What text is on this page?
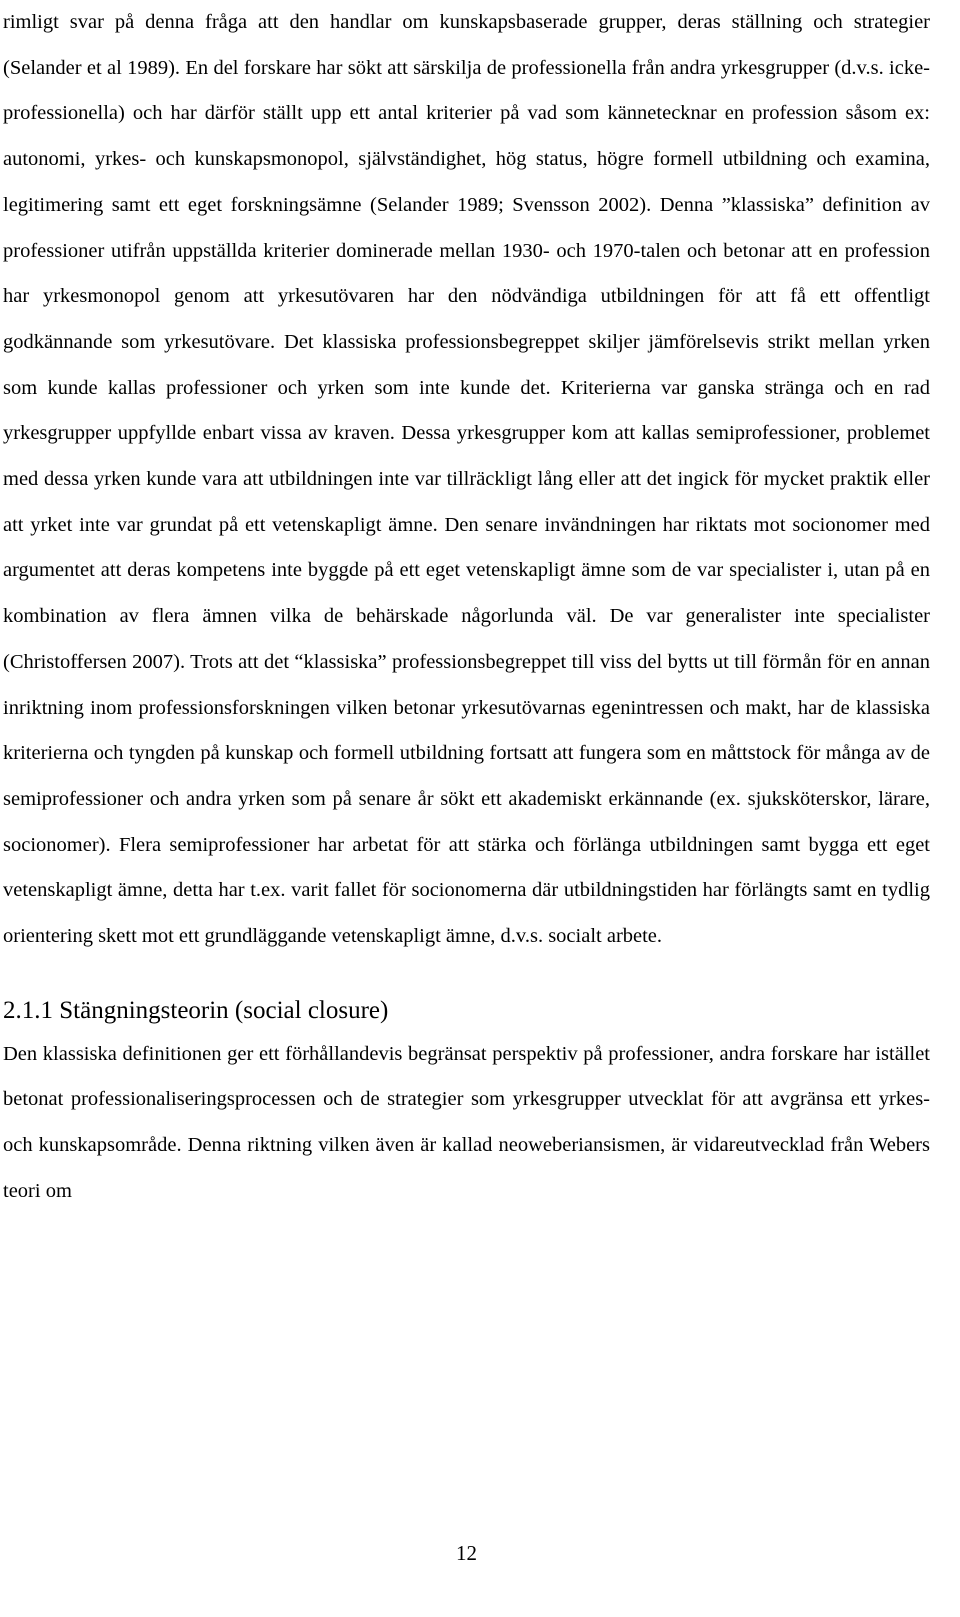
rimligt svar på denna fråga att den handlar om kunskapsbaserade grupper, deras ställning och strategier (Selander et al 1989). En del forskare har sökt att särskilja de professionella från andra yrkesgrupper (d.v.s. icke-professionella) och har därför ställt upp ett antal kriterier på vad som kännetecknar en profession såsom ex: autonomi, yrkes- och kunskapsmonopol, självständighet, hög status, högre formell utbildning och examina, legitimering samt ett eget forskningsämne (Selander 1989; Svensson 2002). Denna ”klassiska” definition av professioner utifrån uppställda kriterier dominerade mellan 1930- och 1970-talen och betonar att en profession har yrkesmonopol genom att yrkesutövaren har den nödvändiga utbildningen för att få ett offentligt godkännande som yrkesutövare. Det klassiska professionsbegreppet skiljer jämförelsevis strikt mellan yrken som kunde kallas professioner och yrken som inte kunde det. Kriterierna var ganska stränga och en rad yrkesgrupper uppfyllde enbart vissa av kraven. Dessa yrkesgrupper kom att kallas semiprofessioner, problemet med dessa yrken kunde vara att utbildningen inte var tillräckligt lång eller att det ingick för mycket praktik eller att yrket inte var grundat på ett vetenskapligt ämne. Den senare invändningen har riktats mot socionomer med argumentet att deras kompetens inte byggde på ett eget vetenskapligt ämne som de var specialister i, utan på en kombination av flera ämnen vilka de behärskade någorlunda väl. De var generalister inte specialister (Christoffersen 2007). Trots att det “klassiska” professionsbegreppet till viss del bytts ut till förmån för en annan inriktning inom professionsforskningen vilken betonar yrkesutövarnas egenintressen och makt, har de klassiska kriterierna och tyngden på kunskap och formell utbildning fortsatt att fungera som en måttstock för många av de semiprofessioner och andra yrken som på senare år sökt ett akademiskt erkännande (ex. sjuksköterskor, lärare, socionomer). Flera semiprofessioner har arbetat för att stärka och förlänga utbildningen samt bygga ett eget vetenskapligt ämne, detta har t.ex. varit fallet för socionomerna där utbildningstiden har förlängts samt en tydlig orientering skett mot ett grundläggande vetenskapligt ämne, d.v.s. socialt arbete.

2.1.1 Stängningsteorin (social closure)

Den klassiska definitionen ger ett förhållandevis begränsat perspektiv på professioner, andra forskare har istället betonat professionaliseringsprocessen och de strategier som yrkesgrupper utvecklat för att avgränsa ett yrkes- och kunskapsområde. Denna riktning vilken även är kallad neoweberiansismen, är vidareutvecklad från Webers teori om

12
